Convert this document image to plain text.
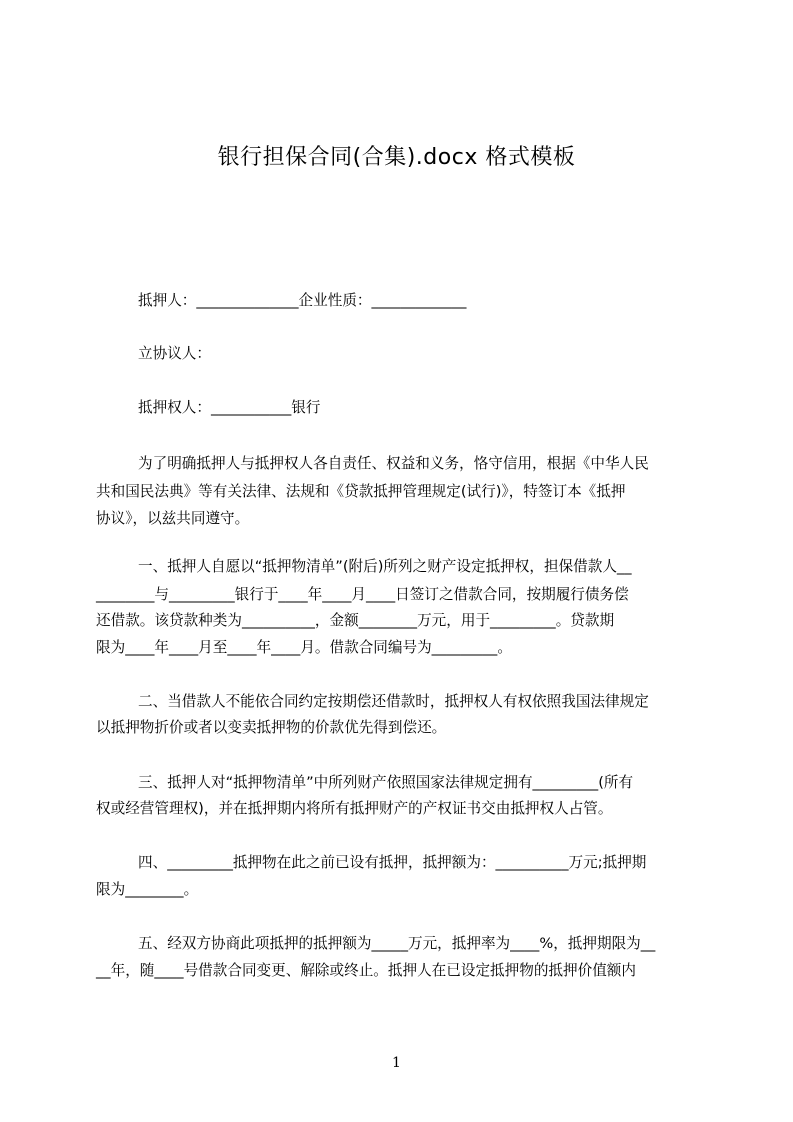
银行担保合同(合集).docx 格式模板
抵押人：______________企业性质：_____________
立协议人：
抵押权人：___________银行
为了明确抵押人与抵押权人各自责任、权益和义务，恪守信用，根据《中华人民
共和国民法典》等有关法律、法规和《贷款抵押管理规定(试行)》，特签订本《抵押
协议》，以兹共同遵守。
一、抵押人自愿以“抵押物清单”(附后)所列之财产设定抵押权，担保借款人__
________与_________银行于____年____月____日签订之借款合同，按期履行债务偿
还借款。该贷款种类为__________，金额________万元，用于_________。贷款期
限为____年____月至____年____月。借款合同编号为_________。
二、当借款人不能依合同约定按期偿还借款时，抵押权人有权依照我国法律规定
以抵押物折价或者以变卖抵押物的价款优先得到偿还。
三、抵押人对“抵押物清单”中所列财产依照国家法律规定拥有_________(所有
权或经营管理权)，并在抵押期内将所有抵押财产的产权证书交由抵押权人占管。
四、_________抵押物在此之前已设有抵押，抵押额为：__________万元;抵押期
限为________。
五、经双方协商此项抵押的抵押额为_____万元，抵押率为____%，抵押期限为__
__年，随____号借款合同变更、解除或终止。抵押人在已设定抵押物的抵押价值额内
1
